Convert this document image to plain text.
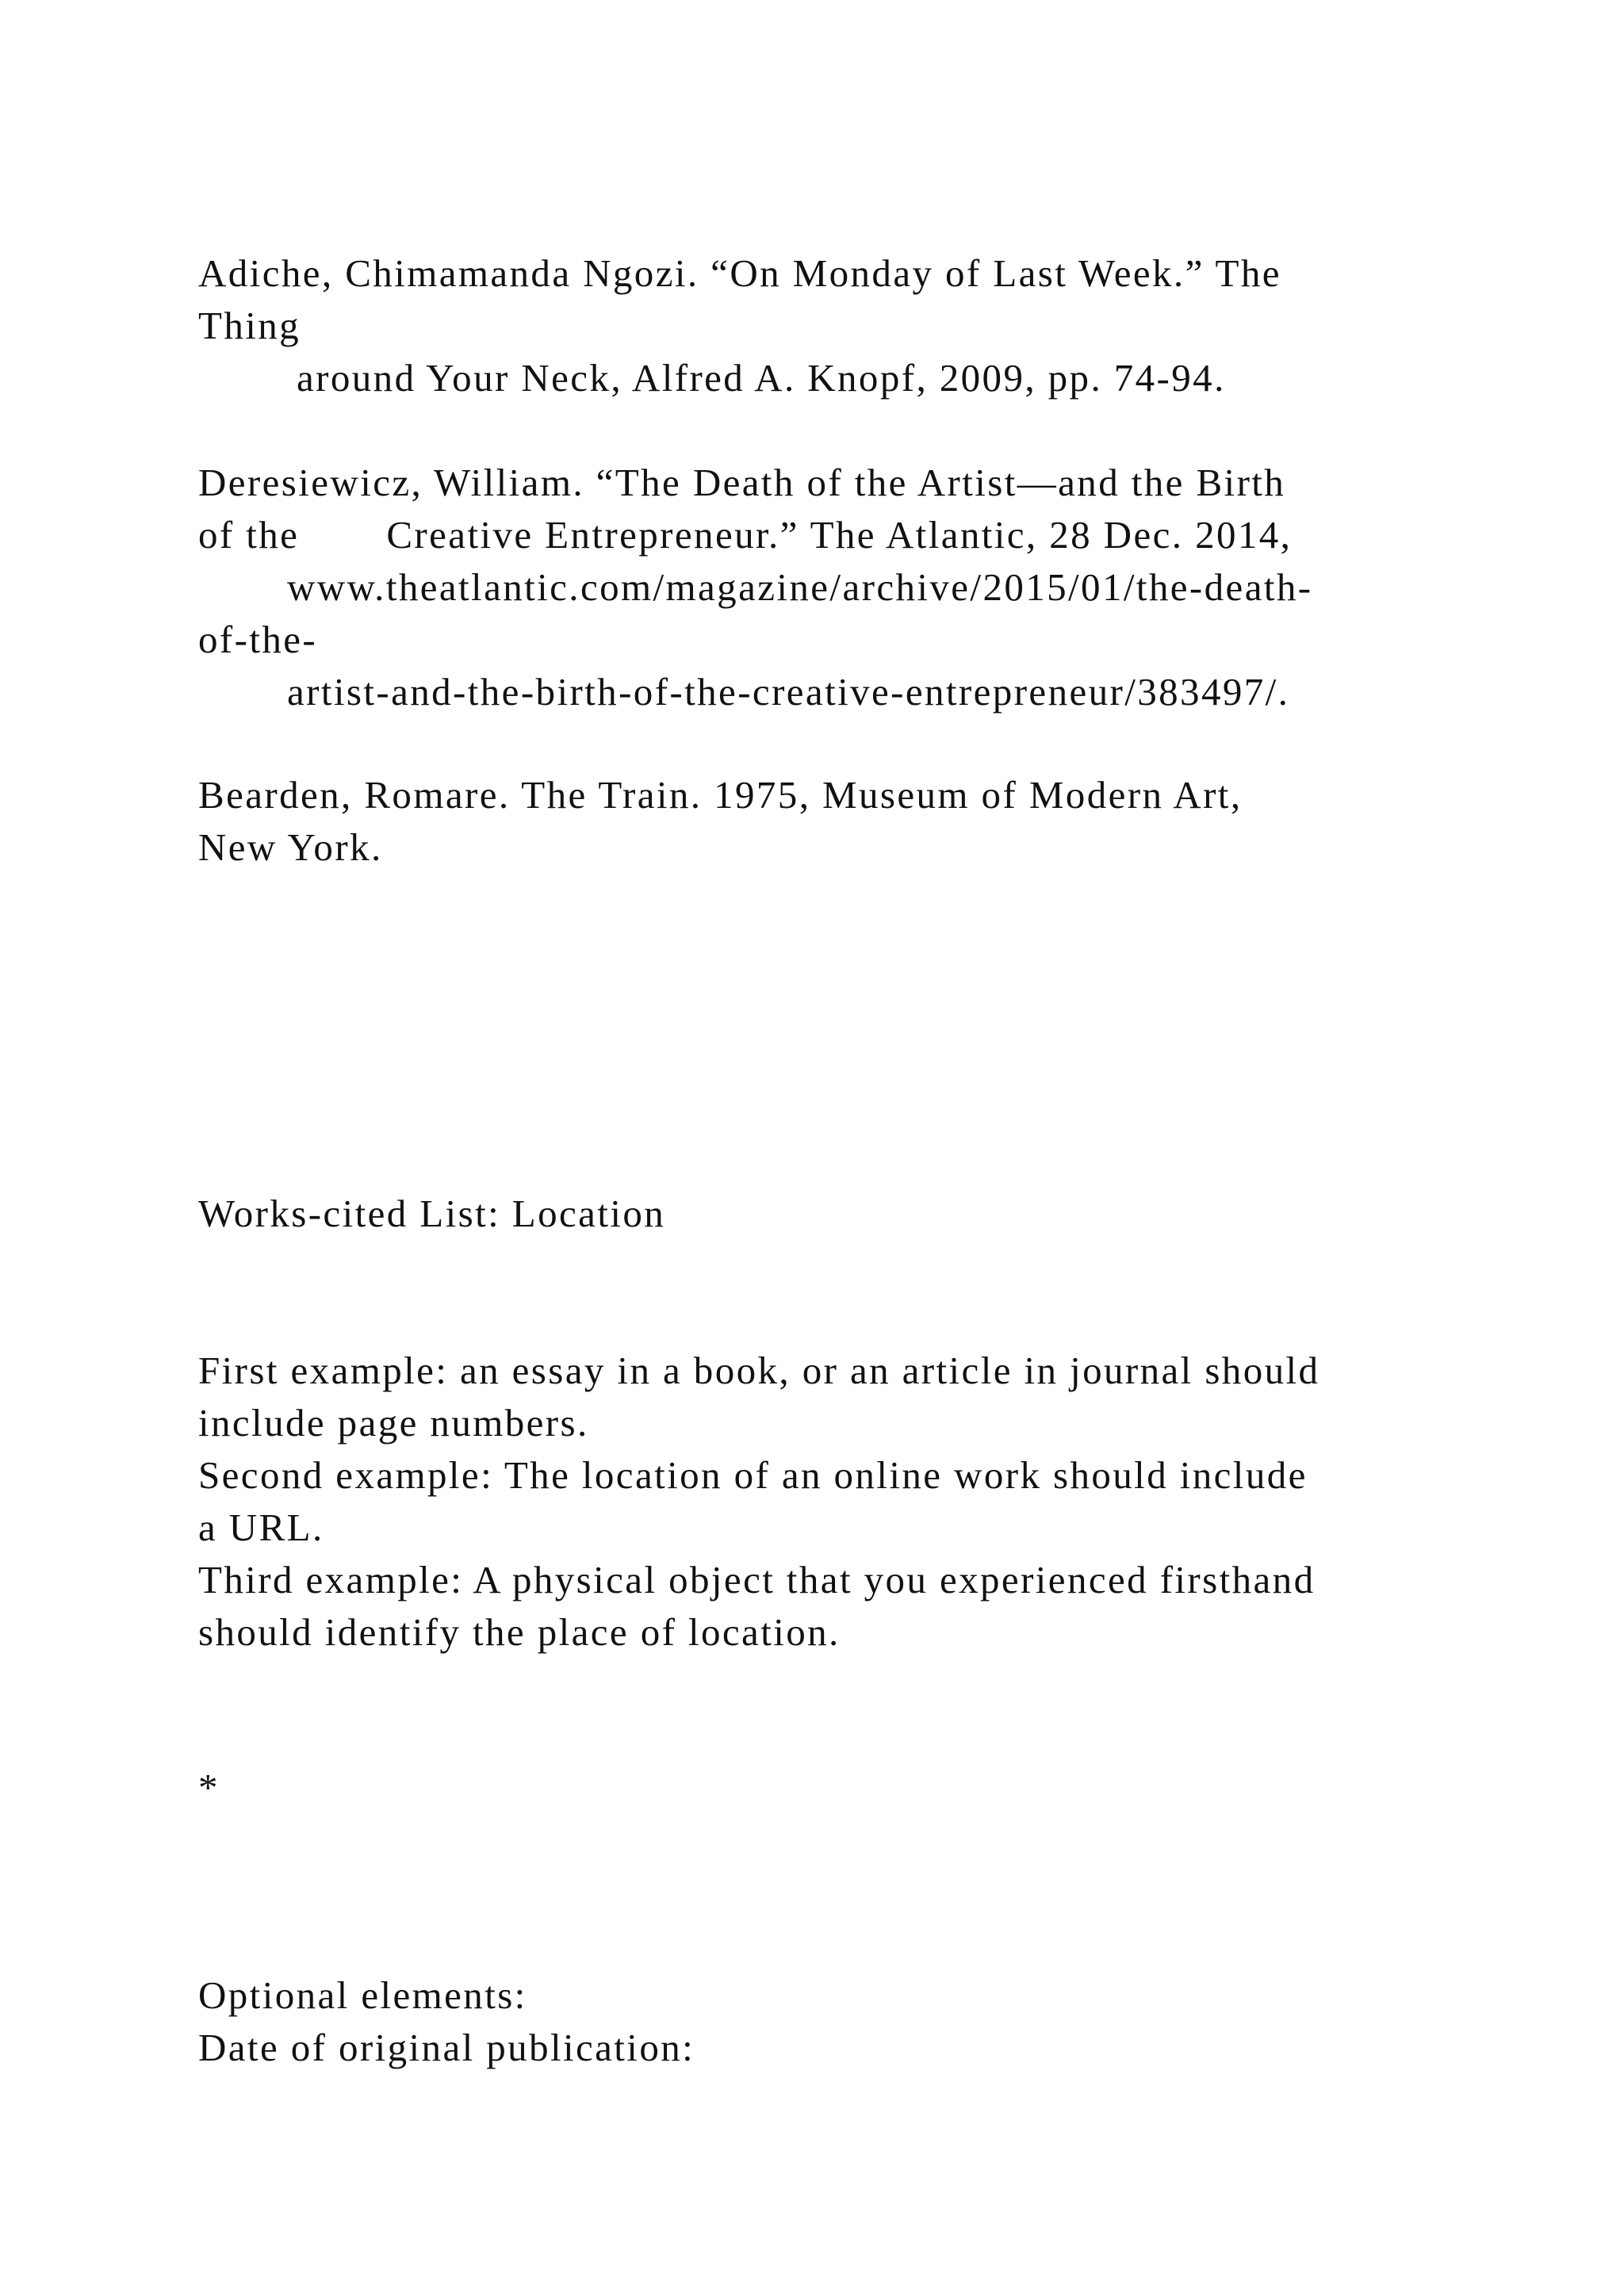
Adiche, Chimamanda Ngozi. “On Monday of Last Week.” The
Thing
around Your Neck, Alfred A. Knopf, 2009, pp. 74-94.
Deresiewicz, William. “The Death of the Artist—and the Birth
of the Creative Entrepreneur.” The Atlantic, 28 Dec. 2014,
www.theatlantic.com/magazine/archive/2015/01/the-death-
of-the-
artist-and-the-birth-of-the-creative-entrepreneur/383497/.
Bearden, Romare. The Train. 1975, Museum of Modern Art,
New York.
Works-cited List: Location
First example: an essay in a book, or an article in journal should
include page numbers.
Second example: The location of an online work should include
a URL.
Third example: A physical object that you experienced firsthand
should identify the place of location.
*
Optional elements:
Date of original publication:
